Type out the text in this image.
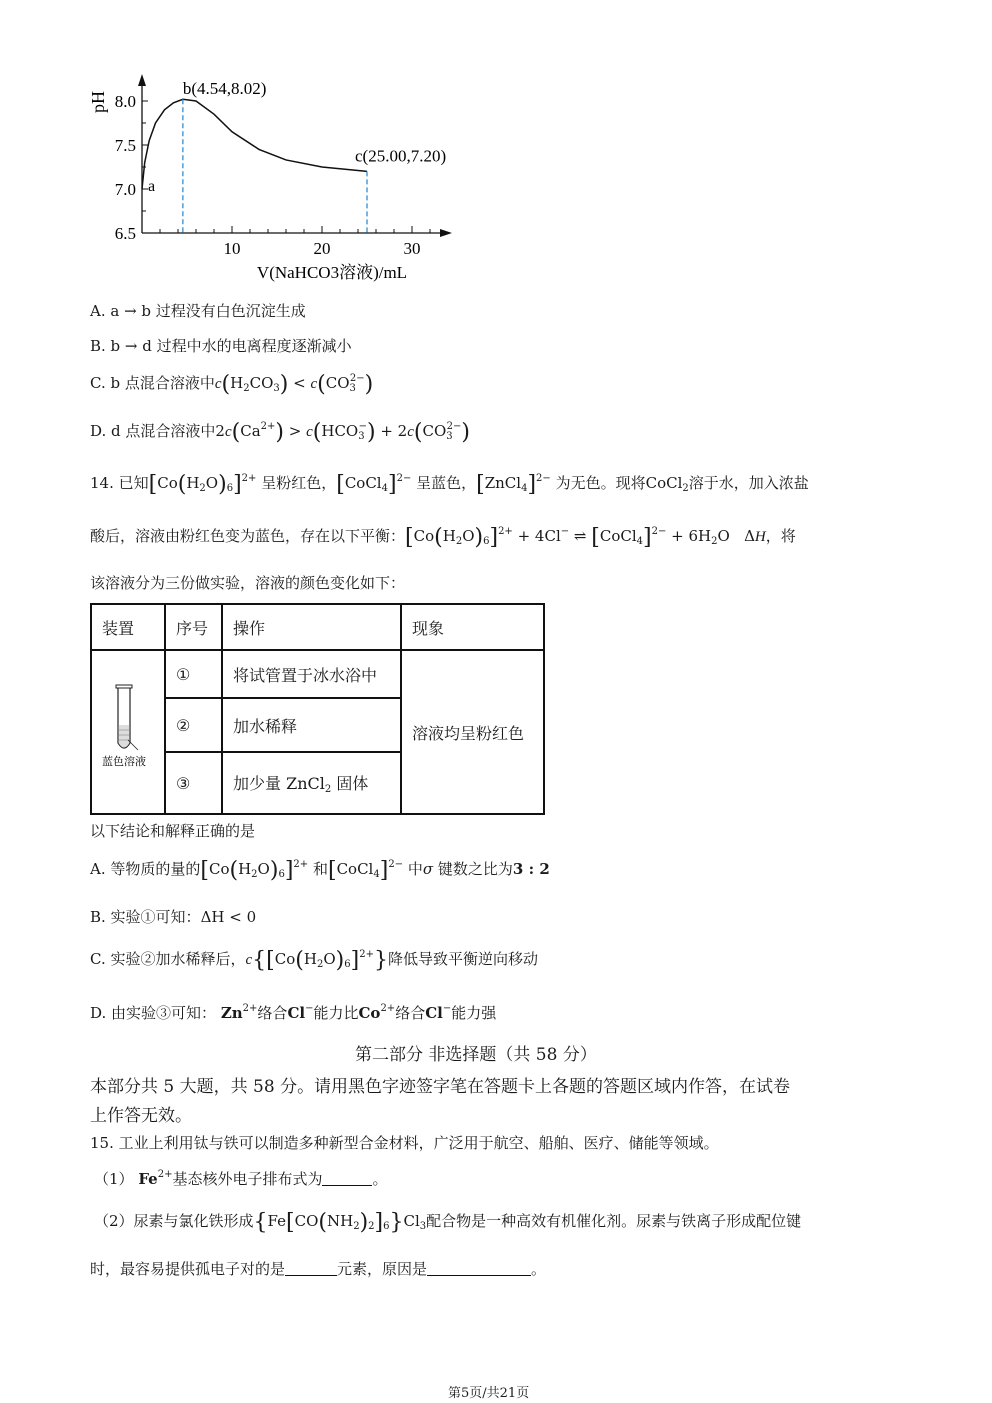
10	20	30
6.5
7.0
7.5
8.0
pH
V(NaHCO3溶液)/mL
b(4.54,8.02)
c(25.00,7.20)
a
A. a → b 过程没有白色沉淀生成
B. b → d 过程中水的电离程度逐渐减小
C. b 点混合溶液中$c(H_2CO_3) < c(CO_3^{2-})$
D. d 点混合溶液中$2c(Ca^{2+}) > c(HCO_3^-) + 2c(CO_3^{2-})$
14. 已知$[Co(H_2O)_6]^{2+}$ 呈粉红色，[CoCl$_4$]$^{2-}$ 呈蓝色，[ZnCl$_4$]$^{2-}$ 为无色。现将CoCl$_2$溶于水，加入浓盐
酸后，溶液由粉红色变为蓝色，存在以下平衡：$[Co(H_2O)_6]^{2+} + 4Cl^-$ ⇌ [CoCl$_4$]$^{2-}$ + $6H_2O$   ΔH，将
该溶液分为三份做实验，溶液的颜色变化如下：
装置	序号	操作	现象

蓝色溶液	①	将试管置于冰水浴中	溶液均呈粉红色
	②	加水稀释	
	③	加少量 ZnCl$_2$ 固体	
以下结论和解释正确的是
A. 等物质的量的$[Co(H_2O)_6]^{2+}$ 和[CoCl$_4$]$^{2-}$ 中σ 键数之比为3 : 2
B. 实验①可知：ΔH < 0
C. 实验②加水稀释后，$c\{[Co(H_2O)_6]^{2+}\}$降低导致平衡逆向移动
D. 由实验③可知： $Zn^{2+}$络合Cl−能力比$Co^{2+}$络合Cl−能力强
第二部分 非选择题（共 58 分）
本部分共 5 大题，共 58 分。请用黑色字迹签字笔在答题卡上各题的答题区域内作答，在试卷
上作答无效。
15. 工业上利用钛与铁可以制造多种新型合金材料，广泛用于航空、船舶、医疗、储能等领域。
（1） $Fe^{2+}$基态核外电子排布式为	。
（2）尿素与氯化铁形成$\{Fe[CO(NH_2)_2]_6\}Cl_3$配合物是一种高效有机催化剂。尿素与铁离子形成配位键
时，最容易提供孤电子对的是	元素，原因是	。
第5页/共21页
